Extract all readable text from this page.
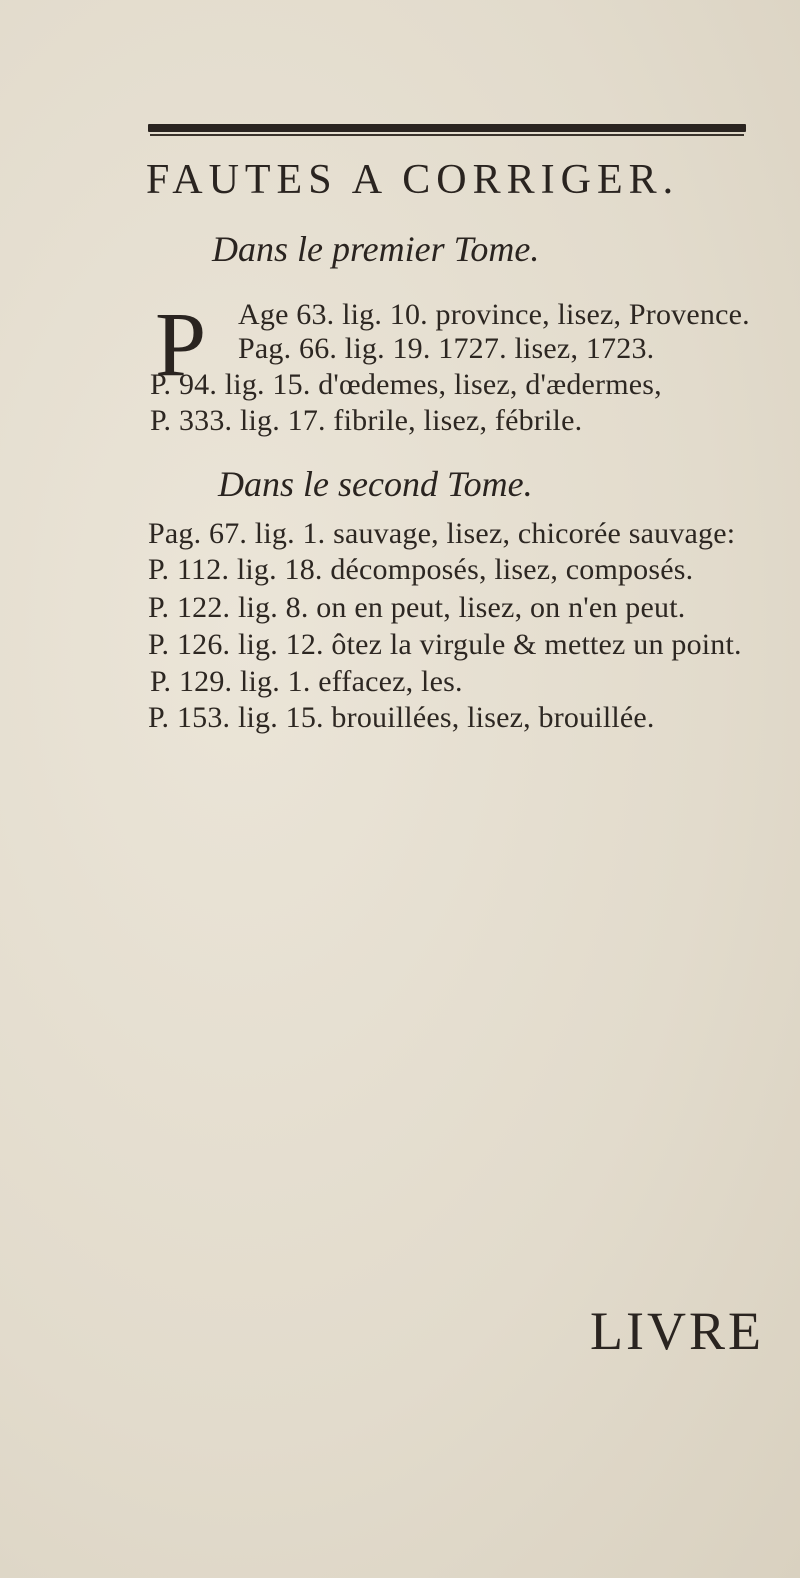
FAUTES A CORRIGER.
Dans le premier Tome.
P Age 63. lig. 10. province, lisez, Provence.
Pag. 66. lig. 19. 1727. lisez, 1723.
P. 94. lig. 15. d'œdemes, lisez, d'ædermes,
P. 333. lig. 17. fibrile, lisez, fébrile.
Dans le second Tome.
Pag. 67. lig. 1. sauvage, lisez, chicorée sauvage:
P. 112. lig. 18. décomposés, lisez, composés.
P. 122. lig. 8. on en peut, lisez, on n'en peut.
P. 126. lig. 12. ôtez la virgule & mettez un point.
P. 129. lig. 1. effacez, les.
P. 153. lig. 15. brouillées, lisez, brouillée.
LIVRE
